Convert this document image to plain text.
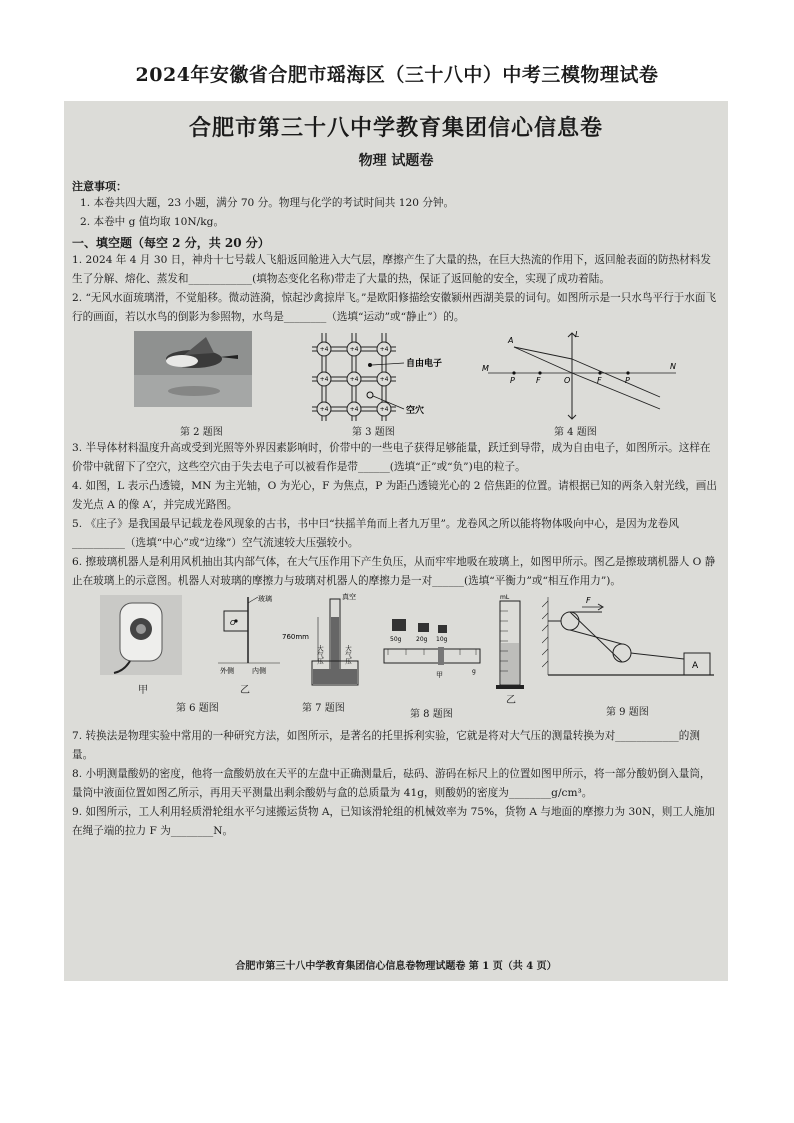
2024年安徽省合肥市瑶海区（三十八中）中考三模物理试卷
合肥市第三十八中学教育集团信心信息卷
物理 试题卷
注意事项：
1. 本卷共四大题，23 小题，满分 70 分。物理与化学的考试时间共 120 分钟。
2. 本卷中 g 值均取 10N/kg。
一、填空题（每空 2 分，共 20 分）
1. 2024 年 4 月 30 日，神舟十七号载人飞船返回舱进入大气层，摩擦产生了大量的热，在巨大热流的作用下，返回舱表面的防热材料发生了分解、熔化、蒸发和____________(填物态变化名称)带走了大量的热，保证了返回舱的安全，实现了成功着陆。
2. “无风水面琉璃滑，不觉船移。微动涟漪，惊起沙禽掠岸飞。”是欧阳修描绘安徽颍州西湖美景的词句。如图所示是一只水鸟平行于水面飞行的画面，若以水鸟的倒影为参照物，水鸟是________（选填“运动”或“静止”）的。
第 2 题图
+4	+4	+4
+4	+4	+4
+4	+4	+4
自由电子
空穴
第 3 题图
A
L
M	N
P	F	O	F	P
第 4 题图
3. 半导体材料温度升高或受到光照等外界因素影响时，价带中的一些电子获得足够能量，跃迁到导带，成为自由电子，如图所示。这样在价带中就留下了空穴，这些空穴由于失去电子可以被看作是带______(选填“正”或“负”)电的粒子。
4. 如图，L 表示凸透镜，MN 为主光轴，O 为光心，F 为焦点，P 为距凸透镜光心的 2 倍焦距的位置。请根据已知的两条入射光线，画出发光点 A 的像 A′，并完成光路图。
5. 《庄子》是我国最早记载龙卷风现象的古书，书中曰“扶摇羊角而上者九万里”。龙卷风之所以能将物体吸向中心，是因为龙卷风__________（选填“中心”或“边缘”）空气流速较大压强较小。
6. 擦玻璃机器人是利用风机抽出其内部气体，在大气压作用下产生负压，从而牢牢地吸在玻璃上，如图甲所示。图乙是擦玻璃机器人 O 静止在玻璃上的示意图。机器人对玻璃的摩擦力与玻璃对机器人的摩擦力是一对______(选填“平衡力”或“相互作用力”)。
甲
O
玻璃
外侧	内侧
乙
第 6 题图
真空
760mm
大气压	大气压
第 7 题图
50g 20g 10g
g
甲
mL
乙
第 8 题图
F
A
第 9 题图
7. 转换法是物理实验中常用的一种研究方法，如图所示，是著名的托里拆利实验，它就是将对大气压的测量转换为对____________的测量。
8. 小明测量酸奶的密度，他将一盒酸奶放在天平的左盘中正确测量后，砝码、游码在标尺上的位置如图甲所示，将一部分酸奶倒入量筒，量筒中液面位置如图乙所示，再用天平测量出剩余酸奶与盒的总质量为 41g，则酸奶的密度为________g/cm³。
9. 如图所示，工人利用轻质滑轮组水平匀速搬运货物 A，已知该滑轮组的机械效率为 75%，货物 A 与地面的摩擦力为 30N，则工人施加在绳子端的拉力 F 为________N。
合肥市第三十八中学教育集团信心信息卷物理试题卷 第 1 页（共 4 页）
